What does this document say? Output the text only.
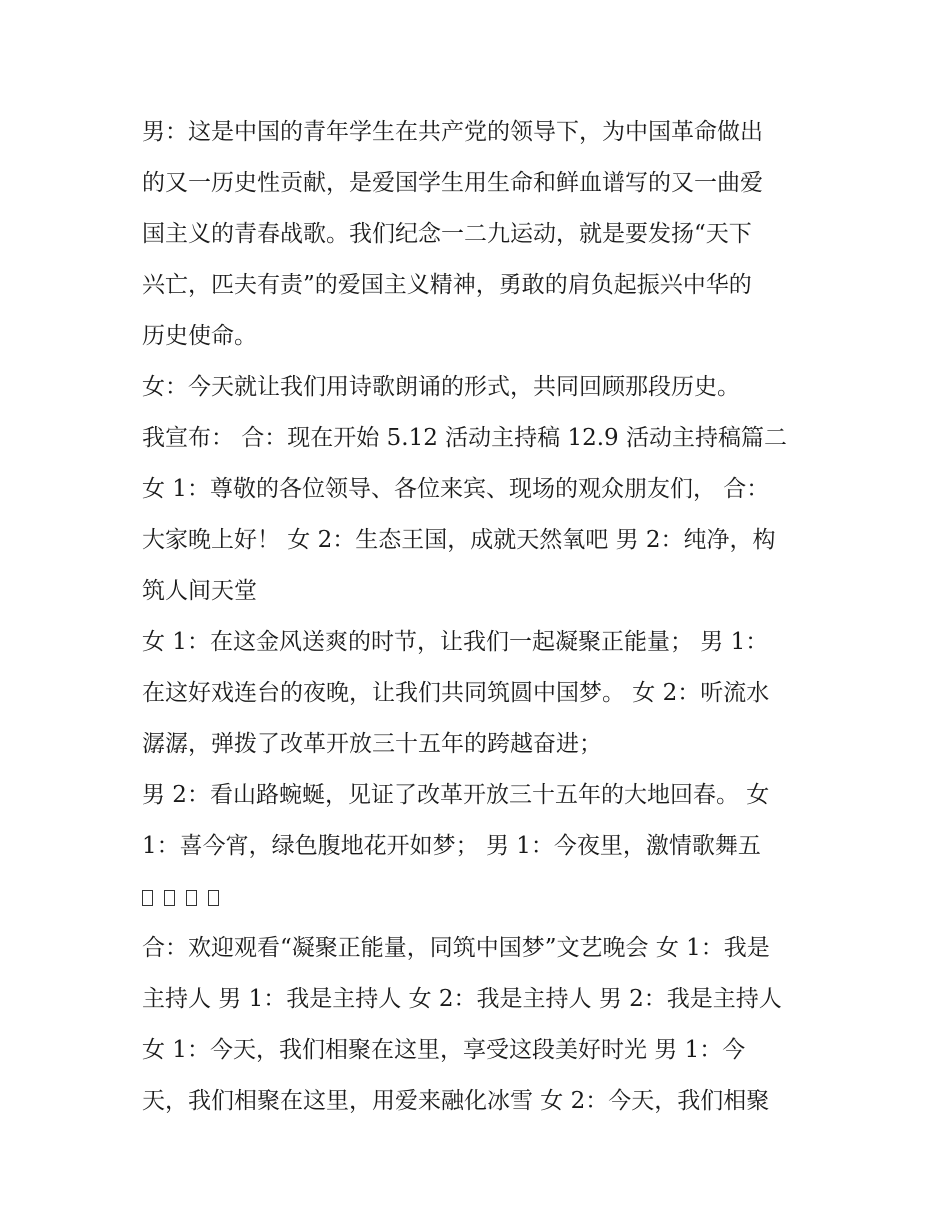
男：这是中国的青年学生在共产党的领导下，为中国革命做出
的又一历史性贡献，是爱国学生用生命和鲜血谱写的又一曲爱
国主义的青春战歌。我们纪念一二九运动，就是要发扬“天下
兴亡，匹夫有责”的爱国主义精神，勇敢的肩负起振兴中华的
历史使命。
女：今天就让我们用诗歌朗诵的形式，共同回顾那段历史。
我宣布： 合：现在开始 5.12 活动主持稿 12.9 活动主持稿篇二
女 1：尊敬的各位领导、各位来宾、现场的观众朋友们， 合：
大家晚上好！ 女 2：生态王国，成就天然氧吧 男 2：纯净，构
筑人间天堂
女 1：在这金风送爽的时节，让我们一起凝聚正能量； 男 1：
在这好戏连台的夜晚，让我们共同筑圆中国梦。 女 2：听流水
潺潺，弹拨了改革开放三十五年的跨越奋进；
男 2：看山路蜿蜒，见证了改革开放三十五年的大地回春。 女
1：喜今宵，绿色腹地花开如梦； 男 1：今夜里，激情歌舞五
合：欢迎观看“凝聚正能量，同筑中国梦”文艺晚会 女 1：我是
主持人 男 1：我是主持人 女 2：我是主持人 男 2：我是主持人
女 1：今天，我们相聚在这里，享受这段美好时光 男 1：今
天，我们相聚在这里，用爱来融化冰雪 女 2：今天，我们相聚
